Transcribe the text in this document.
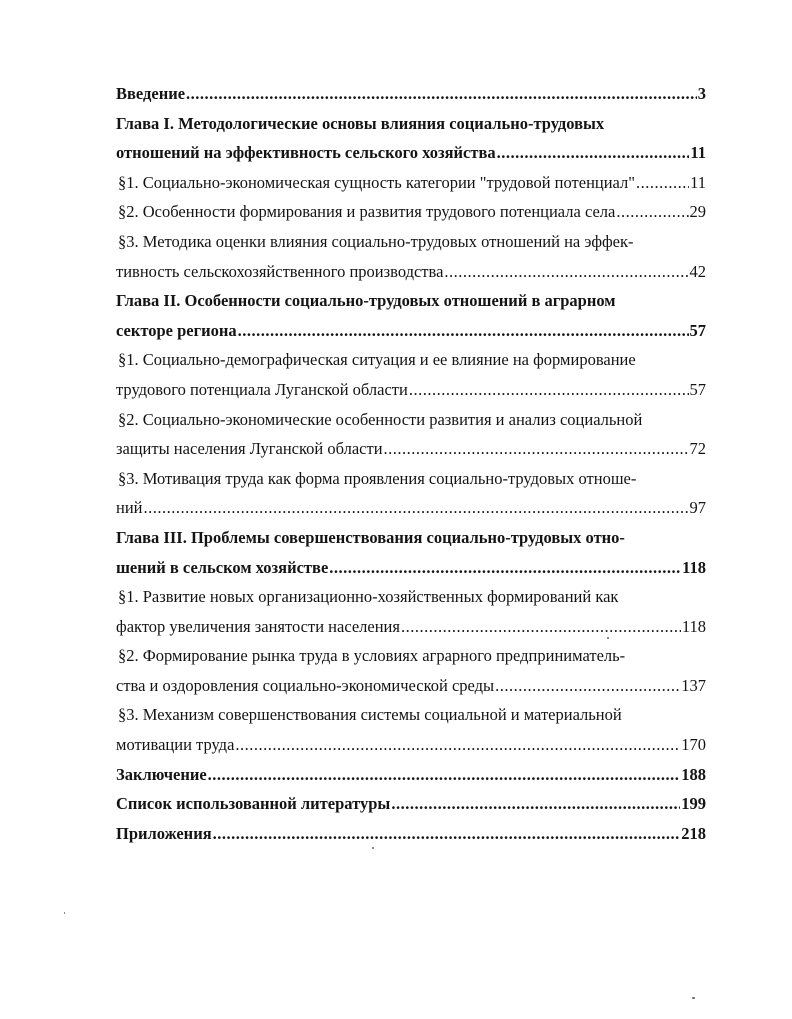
Введение .....	3
Глава I. Методологические основы влияния социально-трудовых
отношений на эффективность сельского хозяйства .....	11
§1. Социально-экономическая сущность категории "трудовой потенциал" .....	11
§2. Особенности формирования и развития трудового потенциала села .....	29
§3. Методика оценки влияния социально-трудовых отношений на эффек-
тивность сельскохозяйственного производства .....	42
Глава II. Особенности социально-трудовых отношений в аграрном
секторе региона .....	57
§1. Социально-демографическая ситуация и ее влияние на формирование
трудового потенциала Луганской области .....	57
§2. Социально-экономические особенности развития и анализ социальной
защиты населения Луганской области .....	72
§3. Мотивация труда как форма проявления социально-трудовых отноше-
ний .....	97
Глава III. Проблемы совершенствования социально-трудовых отно-
шений в сельском хозяйстве .....	118
§1. Развитие новых организационно-хозяйственных формирований как
фактор увеличения занятости населения .....	118
§2. Формирование рынка труда в условиях аграрного предприниматель-
ства и оздоровления социально-экономической среды .....	137
§3. Механизм совершенствования системы социальной и материальной
мотивации труда .....	170
Заключение .....	188
Список использованной литературы .....	199
Приложения .....	218
